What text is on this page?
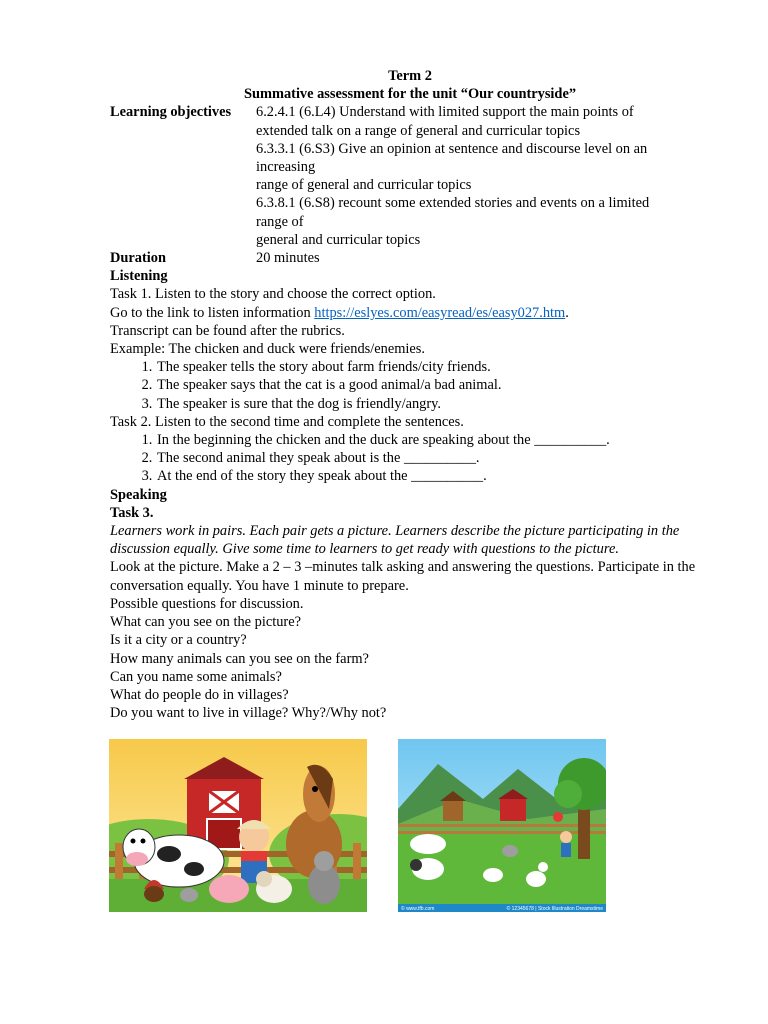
Term 2
Summative assessment for the unit “Our countryside”
Learning objectives	6.2.4.1 (6.L4) Understand with limited support the main points of
extended talk on a range of general and curricular topics
6.3.3.1 (6.S3) Give an opinion at sentence and discourse level on an
increasing
range of general and curricular topics
6.3.8.1 (6.S8) recount some extended stories and events on a limited
range of
general and curricular topics
Duration	20 minutes
Listening
Task 1. Listen to the story and choose the correct option.
Go to the link to listen information https://eslyes.com/easyread/es/easy027.htm.
Transcript can be found after the rubrics.
Example: The chicken and duck were friends/enemies.
1. The speaker tells the story about farm friends/city friends.
2. The speaker says that the cat is a good animal/a bad animal.
3. The speaker is sure that the dog is friendly/angry.
Task 2. Listen to the second time and complete the sentences.
1. In the beginning the chicken and the duck are speaking about the __________.
2. The second animal they speak about is the __________.
3. At the end of the story they speak about the __________.
Speaking
Task 3.
Learners work in pairs. Each pair gets a picture. Learners describe the picture participating in the discussion equally. Give some time to learners to get ready with questions to the picture.
Look at the picture. Make a 2 – 3 –minutes talk asking and answering the questions. Participate in the conversation equally. You have 1 minute to prepare.
Possible questions for discussion.
What can you see on the picture?
Is it a city or a country?
How many animals can you see on the farm?
Can you name some animals?
What do people do in villages?
Do you want to live in village? Why?/Why not?
© www.tfb.com	© 12345678 | Stock Illustration Dreamstime
